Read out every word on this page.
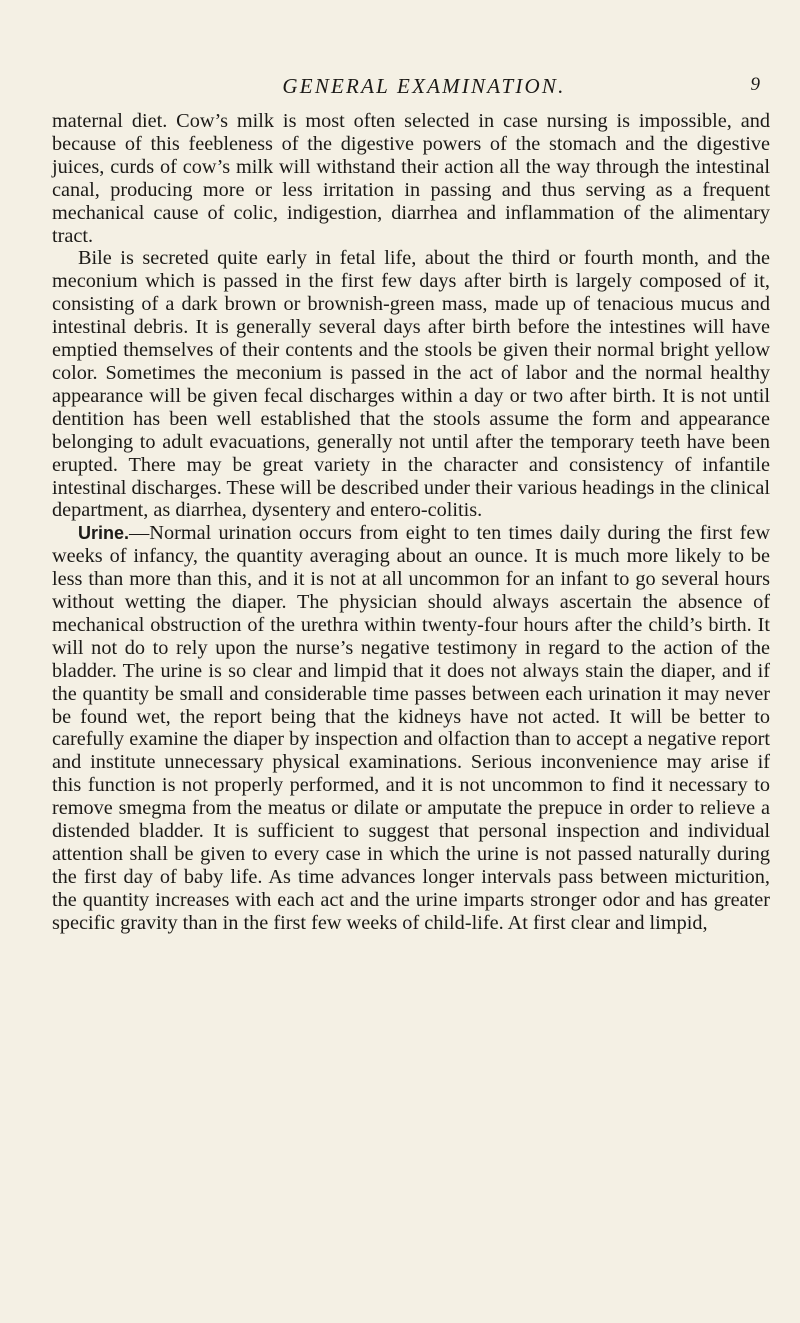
GENERAL EXAMINATION.	9

maternal diet. Cow’s milk is most often selected in case nursing is impossible, and because of this feebleness of the digestive powers of the stomach and the digestive juices, curds of cow’s milk will withstand their action all the way through the intestinal canal, producing more or less irritation in passing and thus serving as a frequent mechanical cause of colic, indigestion, diarrhea and inflammation of the alimentary tract.

Bile is secreted quite early in fetal life, about the third or fourth month, and the meconium which is passed in the first few days after birth is largely composed of it, consisting of a dark brown or brownish-green mass, made up of tenacious mucus and intestinal debris. It is generally several days after birth before the intestines will have emptied themselves of their contents and the stools be given their normal bright yellow color. Sometimes the meconium is passed in the act of labor and the normal healthy appearance will be given fecal discharges within a day or two after birth. It is not until dentition has been well established that the stools assume the form and appearance belonging to adult evacuations, generally not until after the temporary teeth have been erupted. There may be great variety in the character and consistency of infantile intestinal discharges. These will be described under their various headings in the clinical department, as diarrhea, dysentery and entero-colitis.

Urine.—Normal urination occurs from eight to ten times daily during the first few weeks of infancy, the quantity averaging about an ounce. It is much more likely to be less than more than this, and it is not at all uncommon for an infant to go several hours without wetting the diaper. The physician should always ascertain the absence of mechanical obstruction of the urethra within twenty-four hours after the child’s birth. It will not do to rely upon the nurse’s negative testimony in regard to the action of the bladder. The urine is so clear and limpid that it does not always stain the diaper, and if the quantity be small and considerable time passes between each urination it may never be found wet, the report being that the kidneys have not acted. It will be better to carefully examine the diaper by inspection and olfaction than to accept a negative report and institute unnecessary physical examinations. Serious inconvenience may arise if this function is not properly performed, and it is not uncommon to find it necessary to remove smegma from the meatus or dilate or amputate the prepuce in order to relieve a distended bladder. It is sufficient to suggest that personal inspection and individual attention shall be given to every case in which the urine is not passed naturally during the first day of baby life. As time advances longer intervals pass between micturition, the quantity increases with each act and the urine imparts stronger odor and has greater specific gravity than in the first few weeks of child-life. At first clear and limpid,
